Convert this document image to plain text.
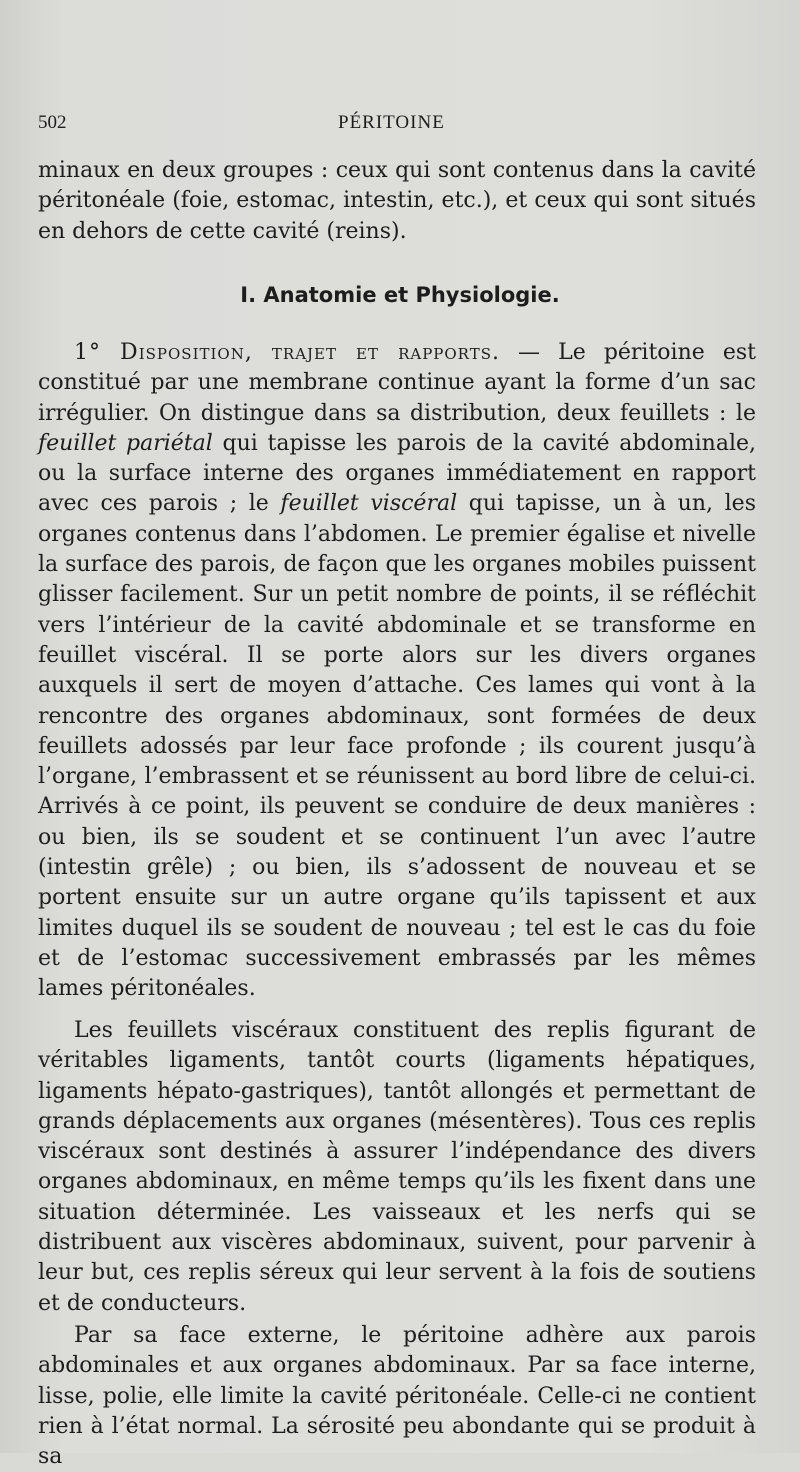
502	PÉRITOINE

minaux en deux groupes : ceux qui sont contenus dans la cavité péritonéale (foie, estomac, intestin, etc.), et ceux qui sont situés en dehors de cette cavité (reins).

I. Anatomie et Physiologie.

1° Disposition, trajet et rapports. — Le péritoine est constitué par une membrane continue ayant la forme d’un sac irrégulier. On distingue dans sa distribution, deux feuillets : le feuillet pariétal qui tapisse les parois de la cavité abdominale, ou la surface interne des organes immédiatement en rapport avec ces parois ; le feuillet viscéral qui tapisse, un à un, les organes contenus dans l’abdomen. Le premier égalise et nivelle la surface des parois, de façon que les organes mobiles puissent glisser facilement. Sur un petit nombre de points, il se réfléchit vers l’intérieur de la cavité abdominale et se transforme en feuillet viscéral. Il se porte alors sur les divers organes auxquels il sert de moyen d’attache. Ces lames qui vont à la rencontre des organes abdominaux, sont formées de deux feuillets adossés par leur face profonde ; ils courent jusqu’à l’organe, l’embrassent et se réunissent au bord libre de celui-ci. Arrivés à ce point, ils peuvent se conduire de deux manières : ou bien, ils se soudent et se continuent l’un avec l’autre (intestin grêle) ; ou bien, ils s’adossent de nouveau et se portent ensuite sur un autre organe qu’ils tapissent et aux limites duquel ils se soudent de nouveau ; tel est le cas du foie et de l’estomac successivement embrassés par les mêmes lames péritonéales.

Les feuillets viscéraux constituent des replis figurant de véritables ligaments, tantôt courts (ligaments hépatiques, ligaments hépato-gastriques), tantôt allongés et permettant de grands déplacements aux organes (mésentères). Tous ces replis viscéraux sont destinés à assurer l’indépendance des divers organes abdominaux, en même temps qu’ils les fixent dans une situation déterminée. Les vaisseaux et les nerfs qui se distribuent aux viscères abdominaux, suivent, pour parvenir à leur but, ces replis séreux qui leur servent à la fois de soutiens et de conducteurs.

Par sa face externe, le péritoine adhère aux parois abdominales et aux organes abdominaux. Par sa face interne, lisse, polie, elle limite la cavité péritonéale. Celle-ci ne contient rien à l’état normal. La sérosité peu abondante qui se produit à sa
